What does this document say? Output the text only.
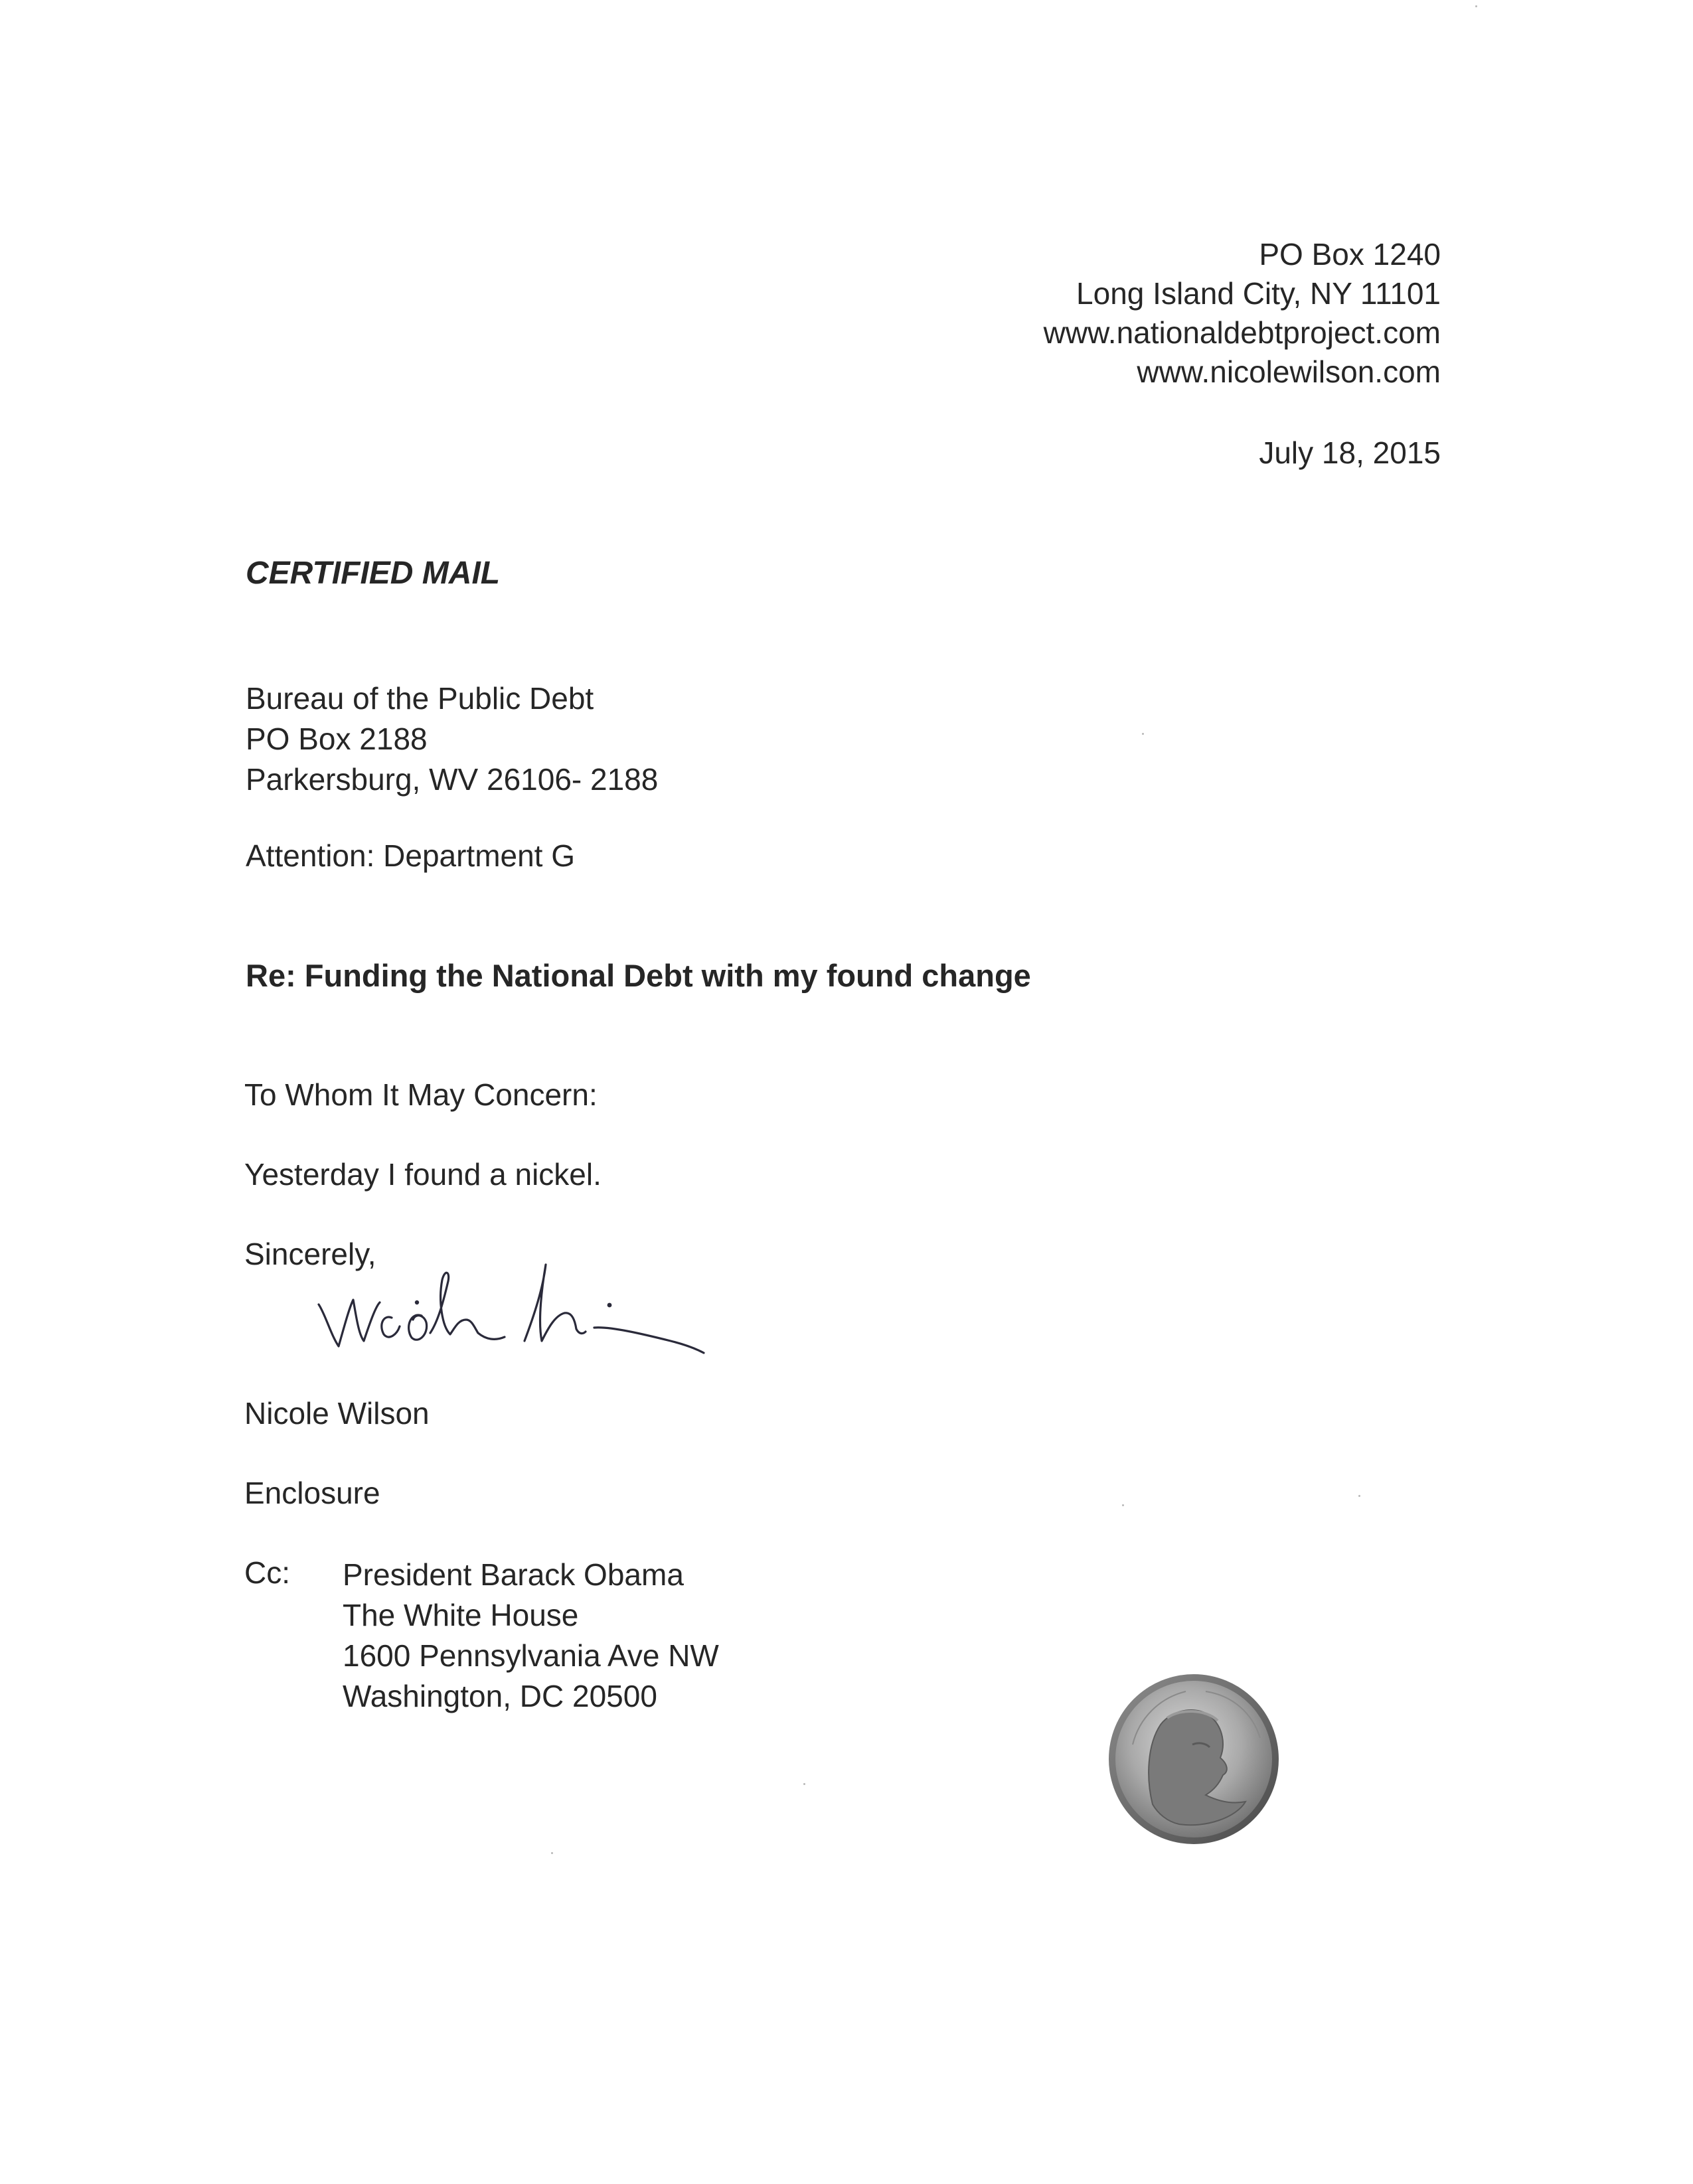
PO Box 1240
Long Island City, NY 11101
www.nationaldebtproject.com
www.nicolewilson.com
July 18, 2015
CERTIFIED MAIL
Bureau of the Public Debt
PO Box 2188
Parkersburg, WV 26106- 2188
Attention: Department G
Re: Funding the National Debt with my found change
To Whom It May Concern:
Yesterday I found a nickel.
Sincerely,
Nicole Wilson
Enclosure
Cc: President Barack Obama
The White House
1600 Pennsylvania Ave NW
Washington, DC 20500
